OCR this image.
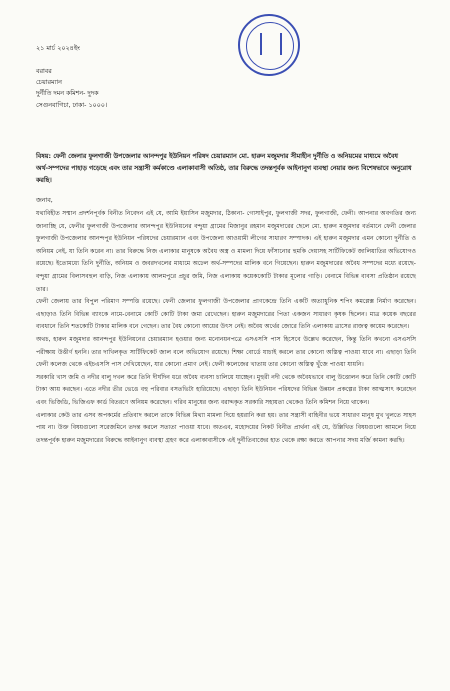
২১ মার্চ ২০২৪ইং
বরাবর
চেয়ারম্যান
দুর্নীতি দমন কমিশন- দুদক
সেগুনবাগিচা, ঢাকা- ১০০০।
বিষয়: ফেনী জেলার ফুলগাজী উপজেলার আনন্দপুর ইউনিয়ন পরিষদ চেয়ারম্যান মো. হারুন মজুমদার সীমাহীন দুর্নীতি ও অনিয়মের মাধ্যমে অবৈধ অর্থ-সম্পদের পাহাড় গড়েছে এবং তার সন্ত্রাসী কর্মকাণ্ডে এলাকাবাসী অতিষ্ঠ, তার বিরুদ্ধে তদন্তপূর্বক আইনানুগ ব্যবস্থা নেয়ার জন্য বিশেষভাবে অনুরোধ করছি।
জনাব,

যথাবিহীত সম্মান প্রদর্শনপূর্বক বিনীত নিবেদন এই যে, আমি ইয়াসিন মজুমদার, ঠিকানা- গোসাইপুর, ফুলগাজী সদর, ফুলগাজী, ফেনী। আপনার অবগতির জন্য জানাচ্ছি যে, ফেনীর ফুলগাজী উপজেলার আনন্দপুর ইউনিয়নের বন্দুয়া গ্রামের মিজানুর রহমান মজুমদারের ছেলে মো. হারুন মজুমদার বর্তমানে ফেনী জেলার ফুলগাজী উপজেলার আনন্দপুর ইউনিয়ন পরিষদের চেয়ারম্যান এবং উপজেলা আওয়ামী লীগের সাধারণ সম্পাদক। এই হারুন মজুমদার এমন কোনো দুর্নীতি ও অনিয়ম নেই, যা তিনি করেন না। তার বিরুদ্ধে নিজ এলাকার মানুষকে অবৈধ অস্ত্র ও মামলা দিয়ে ফাঁসানোর হুমকি দেয়াসহ সার্টিফিকেট জালিয়াতির অভিযোগও রয়েছে। ইতোমধ্যে তিনি দুর্নীতি, অনিয়ম ও জবরদখলের মাধ্যমে অঢেল অর্থ-সম্পদের মালিক বনে গিয়েছেন। হারুন মজুমদারের অবৈধ সম্পদের মধ্যে রয়েছে- বন্দুয়া গ্রামের বিলাসবহুল বাড়ি, নিজ এলাকায় আলমপুরে প্রচুর জমি, নিজ এলাকায় কয়েককোটি টাকার মূল্যের গাড়ি। বেনামে বিভিন্ন ব্যবসা প্রতিষ্ঠান রয়েছে তার।

ফেনী জেলায় তার বিপুল পরিমাণ সম্পত্তি রয়েছে। ফেনী জেলার ফুলগাজী উপজেলার প্রাণকেন্দ্রে তিনি একটি অত্যাধুনিক শপিং কমপ্লেক্স নির্মাণ করেছেন। এছাড়াও তিনি বিভিন্ন ব্যাংকে নামে-বেনামে কোটি কোটি টাকা জমা রেখেছেন। হারুন মজুমদারের পিতা একজন সাধারণ কৃষক ছিলেন। মাত্র কয়েক বছরের ব্যবধানে তিনি শতকোটি টাকার মালিক বনে গেছেন। তার বৈধ কোনো আয়ের উৎস নেই। অবৈধ অর্থের জোরে তিনি এলাকায় ত্রাসের রাজত্ব কায়েম করেছেন।

অথচ, হারুন মজুমদার আনন্দপুর ইউনিয়নের চেয়ারম্যান হওয়ার জন্য মনোনয়নপত্রে এসএসসি পাস হিসেবে উল্লেখ করেছেন, কিন্তু তিনি কখনো এসএসসি পরীক্ষায় উত্তীর্ণ হননি। তার দাখিলকৃত সার্টিফিকেট জাল বলে অভিযোগ রয়েছে। শিক্ষা বোর্ডে যাচাই করলে তার কোনো অস্তিত্ব পাওয়া যাবে না। এছাড়া তিনি ফেনী কলেজ থেকে এইচএসসি পাস দেখিয়েছেন, যার কোনো প্রমাণ নেই। ফেনী কলেজের খাতায় তার কোনো অস্তিত্ব খুঁজে পাওয়া যায়নি।

সরকারি খাস জমি ও নদীর বালু দখল করে তিনি দীর্ঘদিন ধরে অবৈধ ব্যবসা চালিয়ে যাচ্ছেন। মুহুরী নদী থেকে অবৈধভাবে বালু উত্তোলন করে তিনি কোটি কোটি টাকা আয় করছেন। এতে নদীর তীর ভেঙে বহু পরিবার বসতভিটা হারিয়েছে। এছাড়া তিনি ইউনিয়ন পরিষদের বিভিন্ন উন্নয়ন প্রকল্পের টাকা আত্মসাৎ করেছেন এবং ভিজিডি, ভিজিএফ কার্ড বিতরণে অনিয়ম করেছেন। গরিব মানুষের জন্য বরাদ্দকৃত সরকারি সহায়তা থেকেও তিনি কমিশন নিয়ে থাকেন।

এলাকার কেউ তার এসব অপকর্মের প্রতিবাদ করলে তাকে বিভিন্ন মিথ্যা মামলা দিয়ে হয়রানি করা হয়। তার সন্ত্রাসী বাহিনীর ভয়ে সাধারণ মানুষ মুখ খুলতে সাহস পায় না। উক্ত বিষয়গুলো সরেজমিনে তদন্ত করলে সত্যতা পাওয়া যাবে। অতএব, মহোদয়ের নিকট বিনীত প্রার্থনা এই যে, উল্লিখিত বিষয়গুলো আমলে নিয়ে তদন্তপূর্বক হারুন মজুমদারের বিরুদ্ধে আইনানুগ ব্যবস্থা গ্রহণ করে এলাকাবাসীকে এই দুর্নীতিবাজের হাত থেকে রক্ষা করতে আপনার সদয় মর্জি কামনা করছি।
